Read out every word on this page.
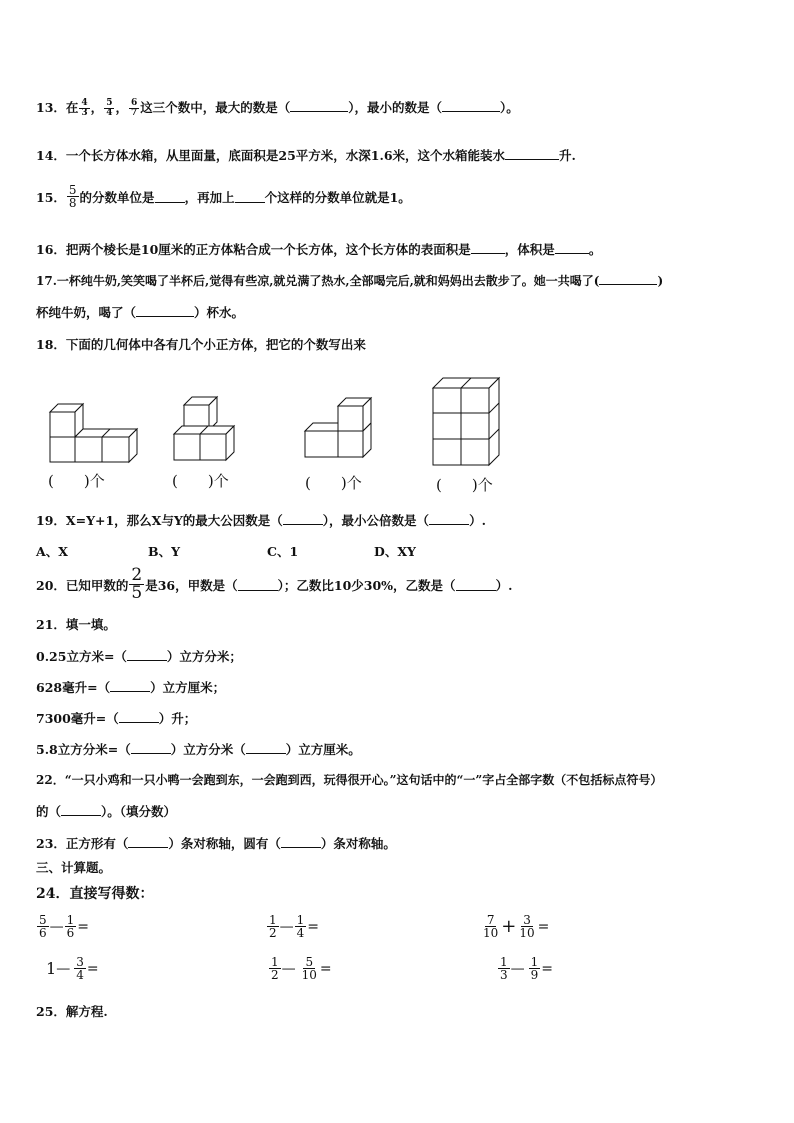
13．在 $\frac{4}{3}$ ， $\frac{5}{4}$ ， $\frac{6}{7}$ 这三个数中，最大的数是（	），最小的数是（	）。
14．一个长方体水箱，从里面量，底面积是25平方米，水深1.6米，这个水箱能装水	升.
15． $\frac{5}{8}$ 的分数单位是 ，再加上 个这样的分数单位就是1。
16．把两个棱长是10厘米的正方体粘合成一个长方体，这个长方体的表面积是	，体积是	。
17.一杯纯牛奶,笑笑喝了半杯后,觉得有些凉,就兑满了热水,全部喝完后,就和妈妈出去散步了。她一共喝了(	)
杯纯牛奶，喝了（	）杯水。
18．下面的几何体中各有几个小正方体，把它的个数写出来
(　　)个	(　　)个	(　　)个	(　　)个
19．X=Y+1，那么X与Y的最大公因数是（	），最小公倍数是（	）.
A、X	B、Y	C、1	D、XY
20．已知甲数的 $\frac{2}{5}$ 是36，甲数是（	）；乙数比10少30%，乙数是（	）.
21．填一填。
0.25立方米=（	）立方分米；
628毫升=（	）立方厘米；
7300毫升=（	）升；
5.8立方分米=（	）立方分米（	）立方厘米。
22．“一只小鸡和一只小鸭一会跑到东，一会跑到西，玩得很开心。”这句话中的“一”字占全部字数（不包括标点符号）
的（	）。（填分数）
23．正方形有（	）条对称轴，圆有（	）条对称轴。
三、计算题。
24．直接写得数：
$\frac{5}{6}$ — $\frac{1}{6}$ =	$\frac{1}{2}$ — $\frac{1}{4}$ =	$\frac{7}{10} + \frac{3}{10}$ =
1 — $\frac{3}{4}$ =	$\frac{1}{2}$ — $\frac{5}{10}$ =	$\frac{1}{3}$ — $\frac{1}{9}$ =
25．解方程.
